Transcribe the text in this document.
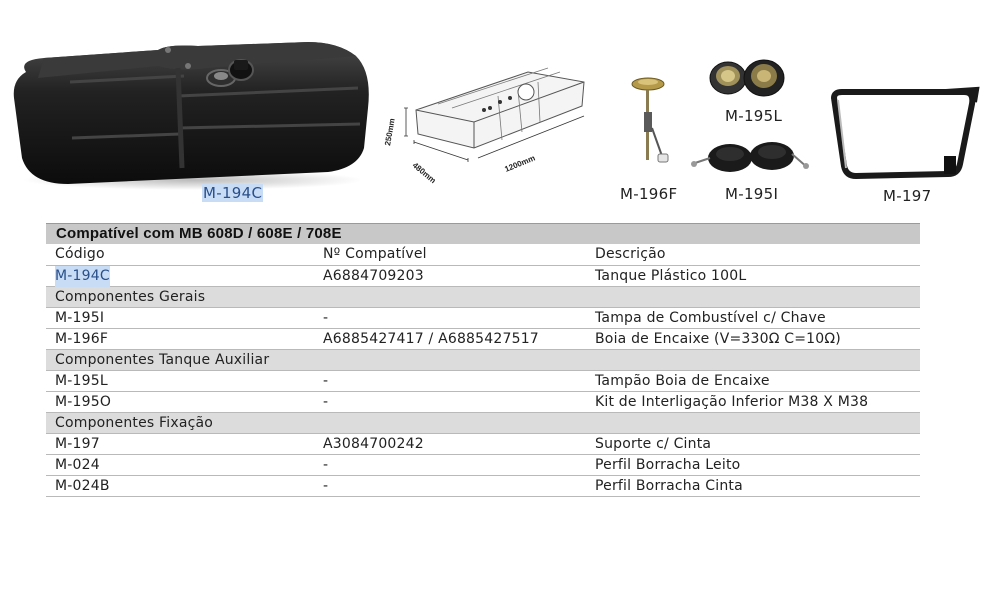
M-194C
250mm
480mm	1200mm
M-196F
M-195L
M-195I	M-197
Compatível com MB 608D / 608E / 708E
Código	Nº Compatível	Descrição
M-194C	A6884709203	Tanque Plástico 100L
Componentes Gerais
M-195I	-	Tampa de Combustível c/ Chave
M-196F	A6885427417 / A6885427517	Boia de Encaixe (V=330Ω C=10Ω)
Componentes Tanque Auxiliar
M-195L	-	Tampão Boia de Encaixe
M-195O	-	Kit de Interligação Inferior M38 X M38
Componentes Fixação
M-197	A3084700242	Suporte c/ Cinta
M-024	-	Perfil Borracha Leito
M-024B	-	Perfil Borracha Cinta
